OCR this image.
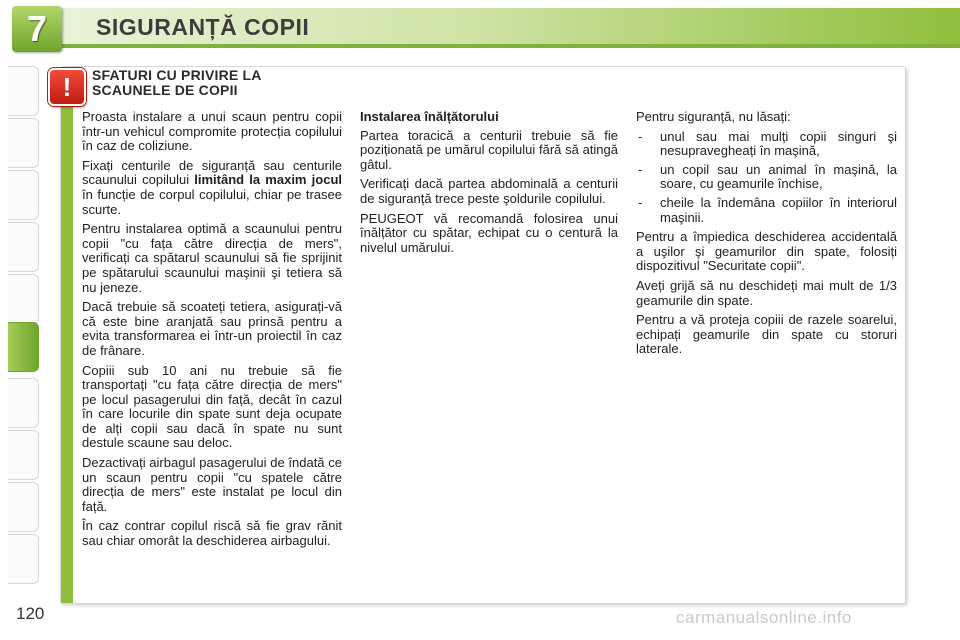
7	SIGURANȚĂ COPII
120
!	SFATURI CU PRIVIRE LA
SCAUNELE DE COPII

Proasta instalare a unui scaun pentru copii într-un vehicul compromite protecția copilului în caz de coliziune.

Fixați centurile de siguranță sau centurile scaunului copilului limitând la maxim jocul în funcție de corpul copilului, chiar pe trasee scurte.

Pentru instalarea optimă a scaunului pentru copii "cu fața către direcția de mers", verificați ca spătarul scaunului să fie sprijinit pe spătarului scaunului maşinii şi tetiera să nu jeneze.

Dacă trebuie să scoateți tetiera, asigurați-vă că este bine aranjată sau prinsă pentru a evita transformarea ei într-un proiectil în caz de frânare.

Copiii sub 10 ani nu trebuie să fie transportați "cu fața către direcția de mers" pe locul pasagerului din față, decât în cazul în care locurile din spate sunt deja ocupate de alți copii sau dacă în spate nu sunt destule scaune sau deloc.

Dezactivați airbagul pasagerului de îndată ce un scaun pentru copii "cu spatele către direcția de mers" este instalat pe locul din față.

În caz contrar copilul riscă să fie grav rănit sau chiar omorât la deschiderea airbagului.

Instalarea înălțătorului

Partea toracică a centurii trebuie să fie poziționată pe umărul copilului fără să atingă gâtul.

Verificați dacă partea abdominală a centurii de siguranță trece peste şoldurile copilului.

PEUGEOT vă recomandă folosirea unui înălțător cu spătar, echipat cu o centură la nivelul umărului.

Pentru siguranță, nu lăsați:

- unul sau mai mulți copii singuri şi nesupravegheați în maşină,
- un copil sau un animal în maşină, la soare, cu geamurile închise,
- cheile la îndemâna copiilor în interiorul maşinii.

Pentru a împiedica deschiderea accidentală a uşilor şi geamurilor din spate, folosiți dispozitivul "Securitate copii".

Aveți grijă să nu deschideți mai mult de 1/3 geamurile din spate.

Pentru a vă proteja copiii de razele soarelui, echipați geamurile din spate cu storuri laterale.

carmanualsonline.info
